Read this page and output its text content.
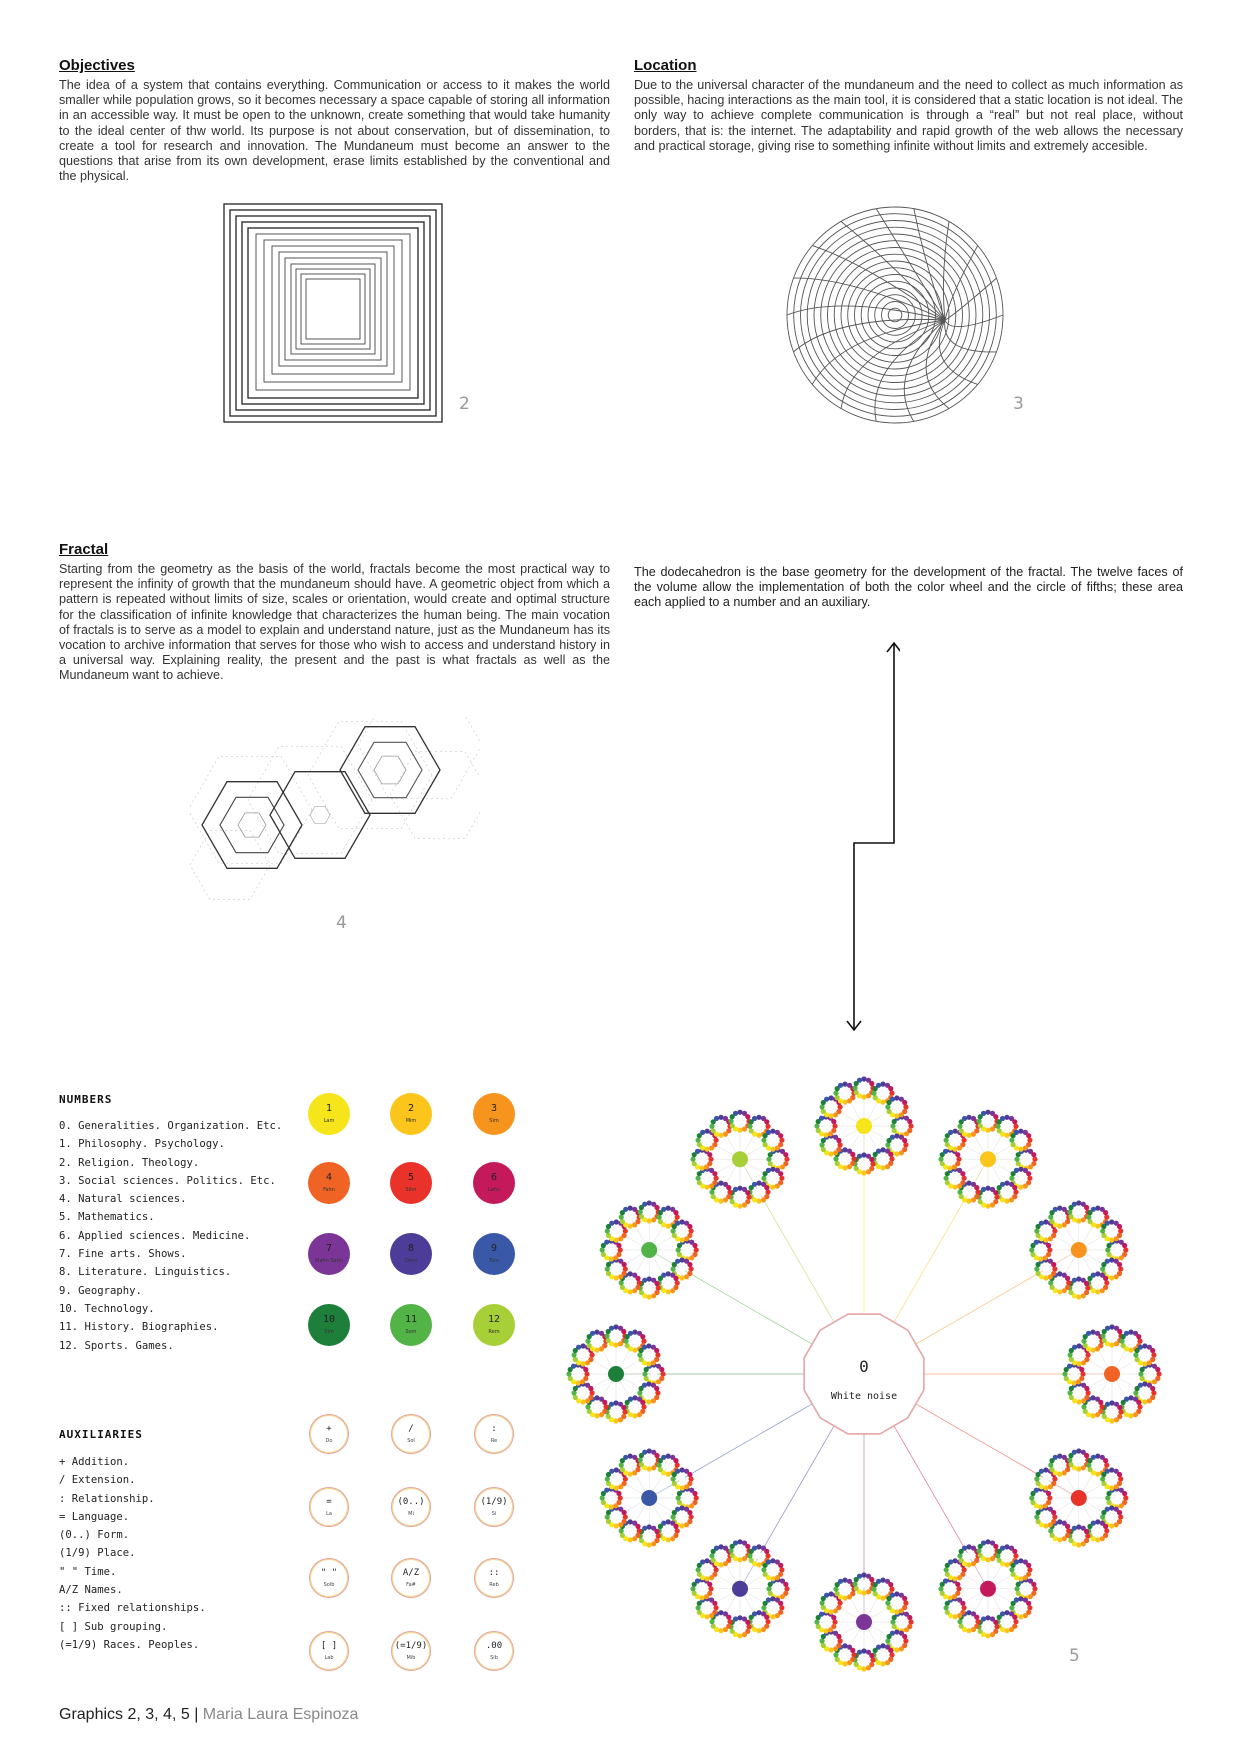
Objectives

The idea of a system that contains everything. Communication or access to it makes the world smaller while population grows, so it becomes necessary a space capable of storing all information in an accessible way. It must be open to the unknown, create something that would take humanity to the ideal center of thw world. Its purpose is not about conservation, but of dissemination, to create a tool for research and innovation. The Mundaneum must become an answer to the questions that arise from its own development, erase limits established by the conventional and the physical.

2
Location

Due to the universal character of the mundaneum and the need to collect as much information as possible, hacing interactions as the main tool, it is considered that a static location is not ideal. The only way to achieve complete communication is through a “real” but not real place, without borders, that is: the internet. The adaptability and rapid growth of the web allows the necessary and practical storage, giving rise to something infinite without limits and extremely accesible.

3
Fractal

Starting from the geometry as the basis of the world, fractals become the most practical way to represent the infinity of growth that the mundaneum should have. A geometric object from which a pattern is repeated without limits of size, scales or orientation, would create and optimal structure for the classification of infinite knowledge that characterizes the human being. The main vocation of fractals is to serve as a model to explain and understand nature, just as the Mundaneum has its vocation to archive information that serves for those who wish to access and understand history in a universal way. Explaining reality, the present and the past is what fractals as well as the Mundaneum want to achieve.

4

The dodecahedron is the base geometry for the development of the fractal. The twelve faces of the volume allow the implementation of both the color wheel and the circle of fifths; these area each applied to a number and an auxiliary.

NUMBERS
0. Generalities. Organization. Etc.
1. Philosophy. Psychology.
2. Religion. Theology.
3. Social sciences. Politics. Etc.
4. Natural sciences.
5. Mathematics.
6. Applied sciences. Medicine.
7. Fine arts. Shows.
8. Literature. Linguistics.
9. Geography.
10. Technology.
11. History. Biographies.
12. Sports. Games.
1
Lam
2
Mim
3
Sim
4
Fahn
5
Sihn
6
Lahn
7
Mahn Sahn
8
Dom
9
Tom
10
Sim
11
Som
12
Rem
AUXILIARIES
+ Addition.
/ Extension.
: Relationship.
= Language.
(0..) Form.
(1/9) Place.
" " Time.
A/Z Names.
:: Fixed relationships.
[ ] Sub grouping.
(=1/9) Races. Peoples.
+
Do
/
Sol
:
Re
=
La
(0..)
Mi
(1/9)
Si
" "
Solb
A/Z
Fa#
::
Reb
[ ]
Lab
(=1/9)
Mib
.00
Sib
0
White noise
5
Graphics 2, 3, 4, 5 | Maria Laura Espinoza
